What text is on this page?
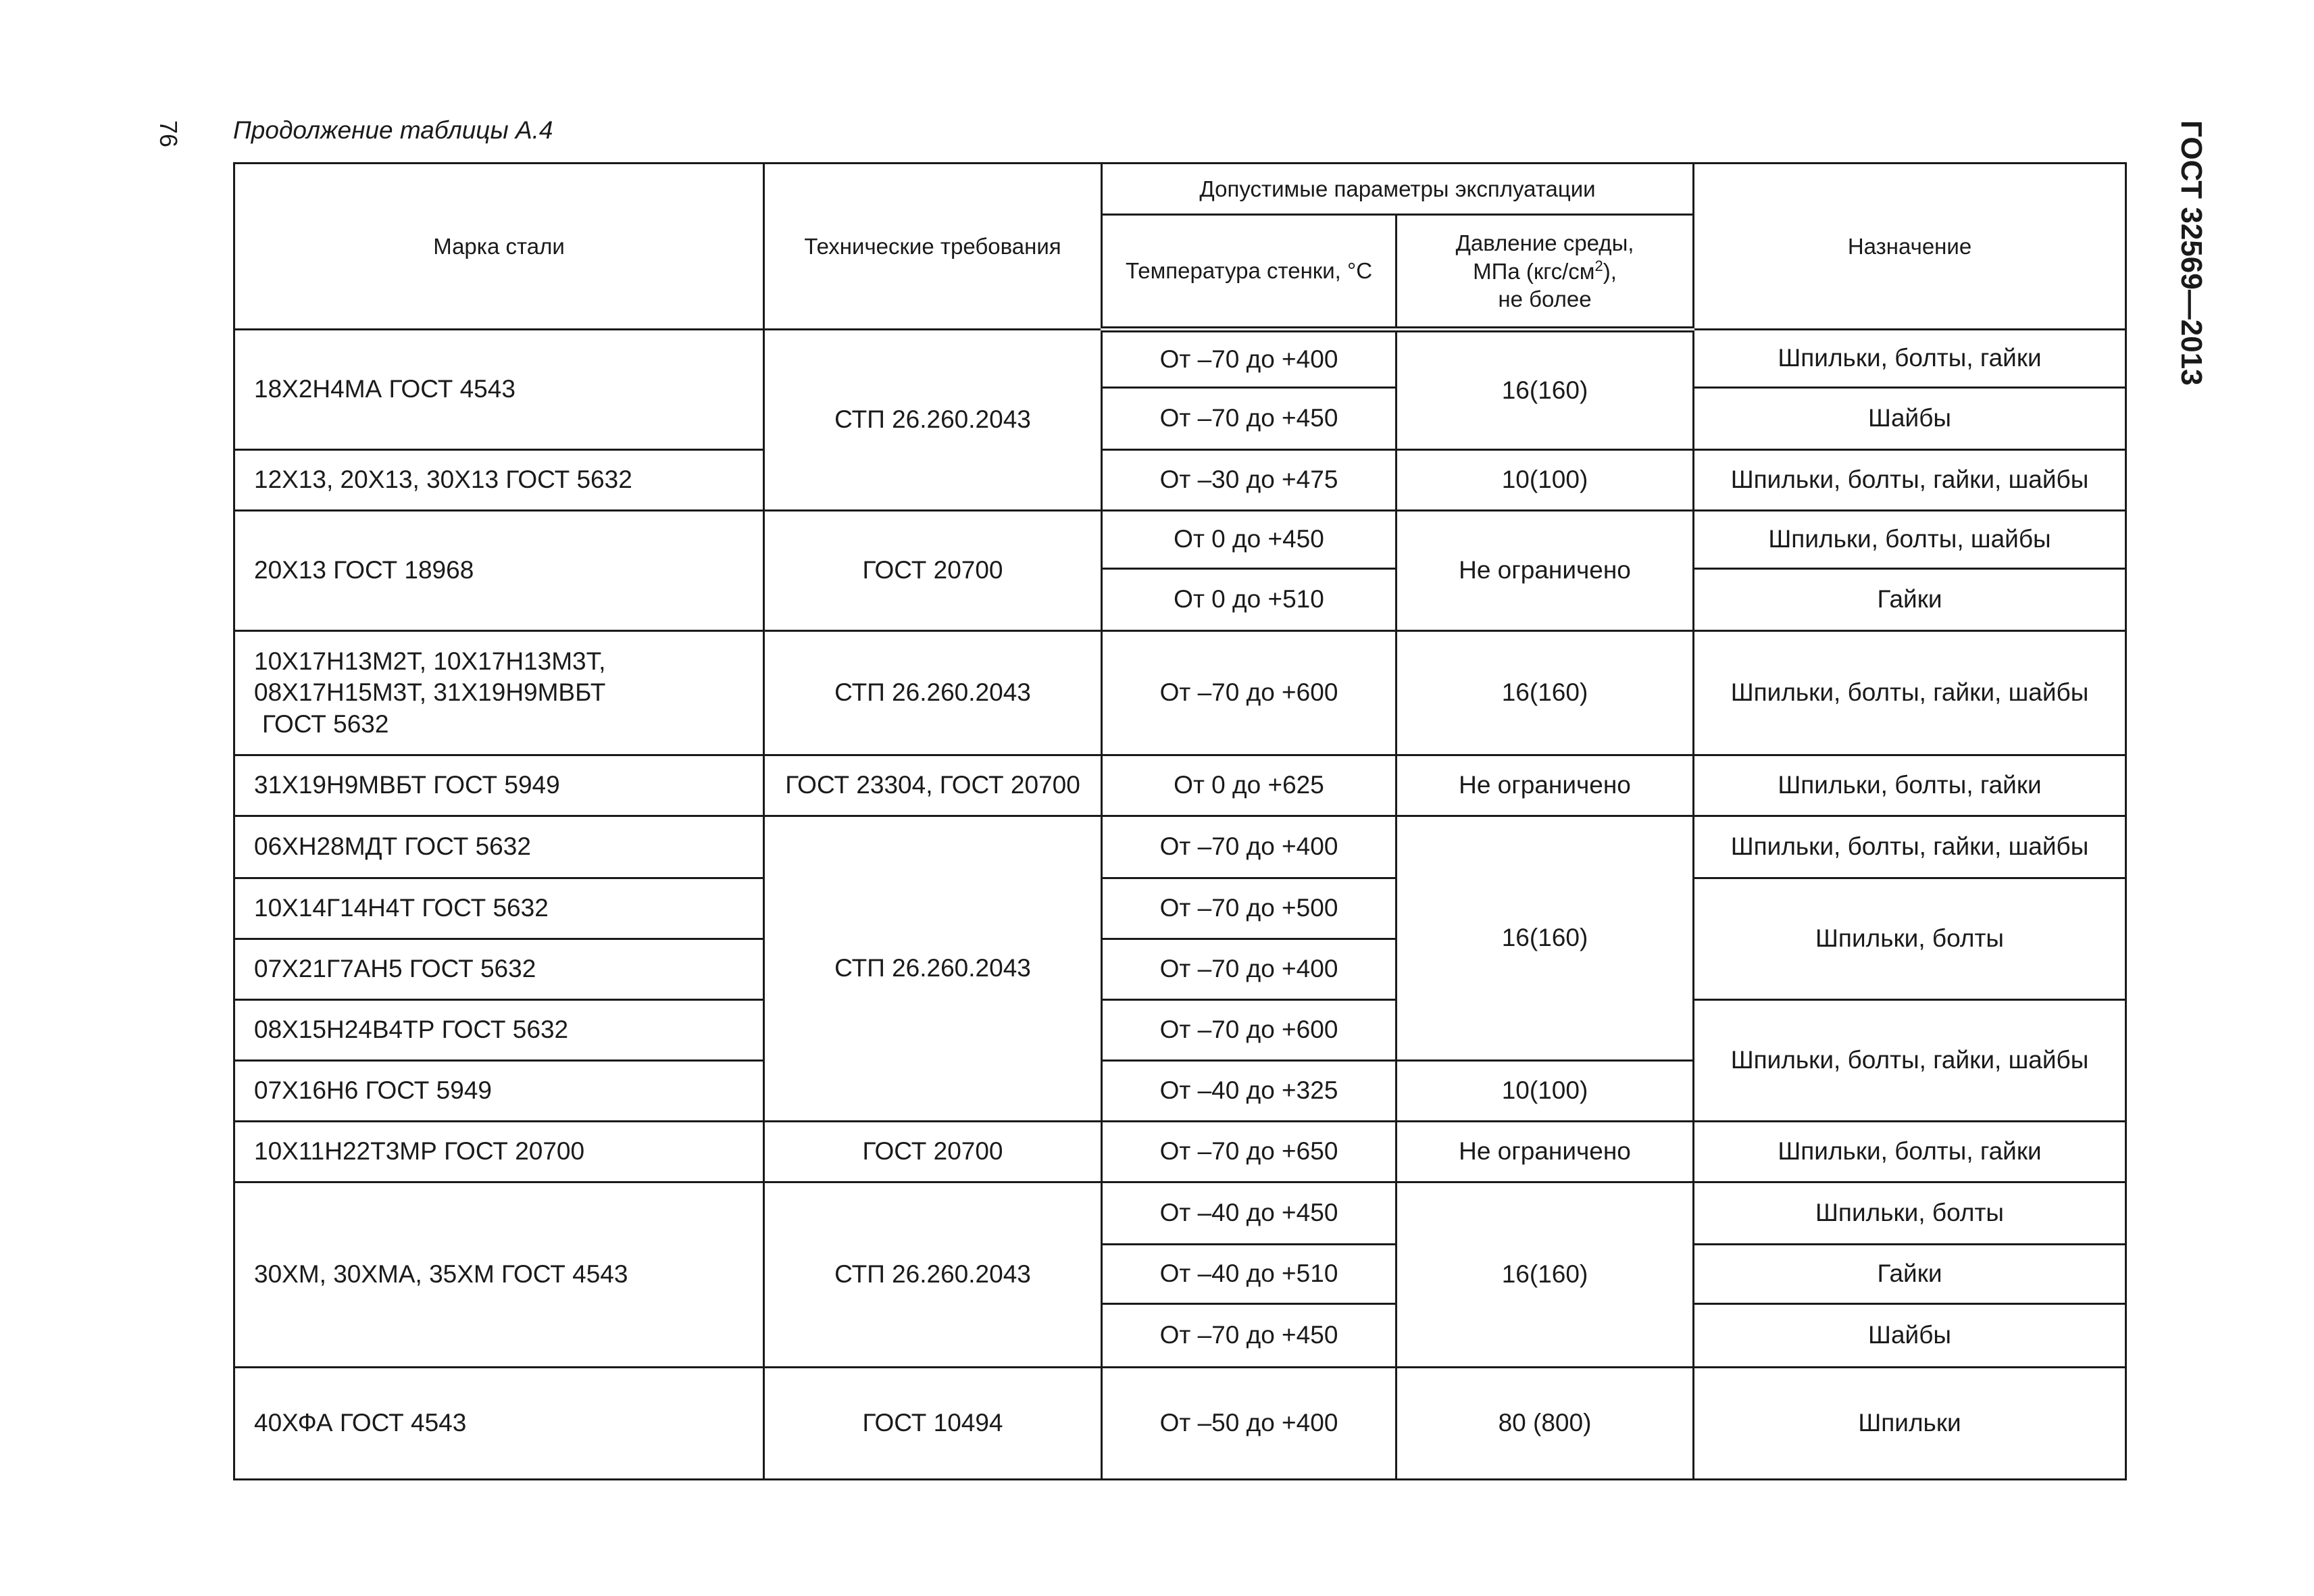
76 Продолжение таблицы А.4	ГОСТ 32569—2013
Марка стали	Технические требования	Допустимые параметры эксплуатации		Назначение
		Температура стенки, °С	Давление среды,
МПа $(кгс/см^2)$,
не более	
18Х2Н4МА ГОСТ 4543	СТП 26.260.2043	От –70 до +400	16(160)	Шпильки, болты, гайки
		От –70 до +450		Шайбы
12Х13, 20Х13, 30Х13 ГОСТ 5632		От –30 до +475	10(100)	Шпильки, болты, гайки, шайбы
20Х13 ГОСТ 18968	ГОСТ 20700	От 0 до +450	Не ограничено	Шпильки, болты, шайбы
		От 0 до +510		Гайки
10Х17Н13М2Т, 10Х17Н13М3Т,
08Х17Н15М3Т, 31Х19Н9МВБТ
ГОСТ 5632	СТП 26.260.2043	От –70 до +600	16(160)	Шпильки, болты, гайки, шайбы
31Х19Н9МВБТ ГОСТ 5949	ГОСТ 23304, ГОСТ 20700	От 0 до +625	Не ограничено	Шпильки, болты, гайки
06ХН28МДТ ГОСТ 5632	СТП 26.260.2043	От –70 до +400	16(160)	Шпильки, болты, гайки, шайбы
10Х14Г14Н4Т ГОСТ 5632		От –70 до +500		Шпильки, болты
07Х21Г7АН5 ГОСТ 5632		От –70 до +400		
08Х15Н24В4ТР ГОСТ 5632		От –70 до +600		Шпильки, болты, гайки, шайбы
07Х16Н6 ГОСТ 5949		От –40 до +325	10(100)	
10Х11Н22Т3МР ГОСТ 20700	ГОСТ 20700	От –70 до +650	Не ограничено	Шпильки, болты, гайки
30ХМ, 30ХМА, 35ХМ ГОСТ 4543	СТП 26.260.2043	От –40 до +450	16(160)	Шпильки, болты
		От –40 до +510		Гайки
		От –70 до +450		Шайбы
40ХФА ГОСТ 4543	ГОСТ 10494	От –50 до +400	80 (800)	Шпильки
